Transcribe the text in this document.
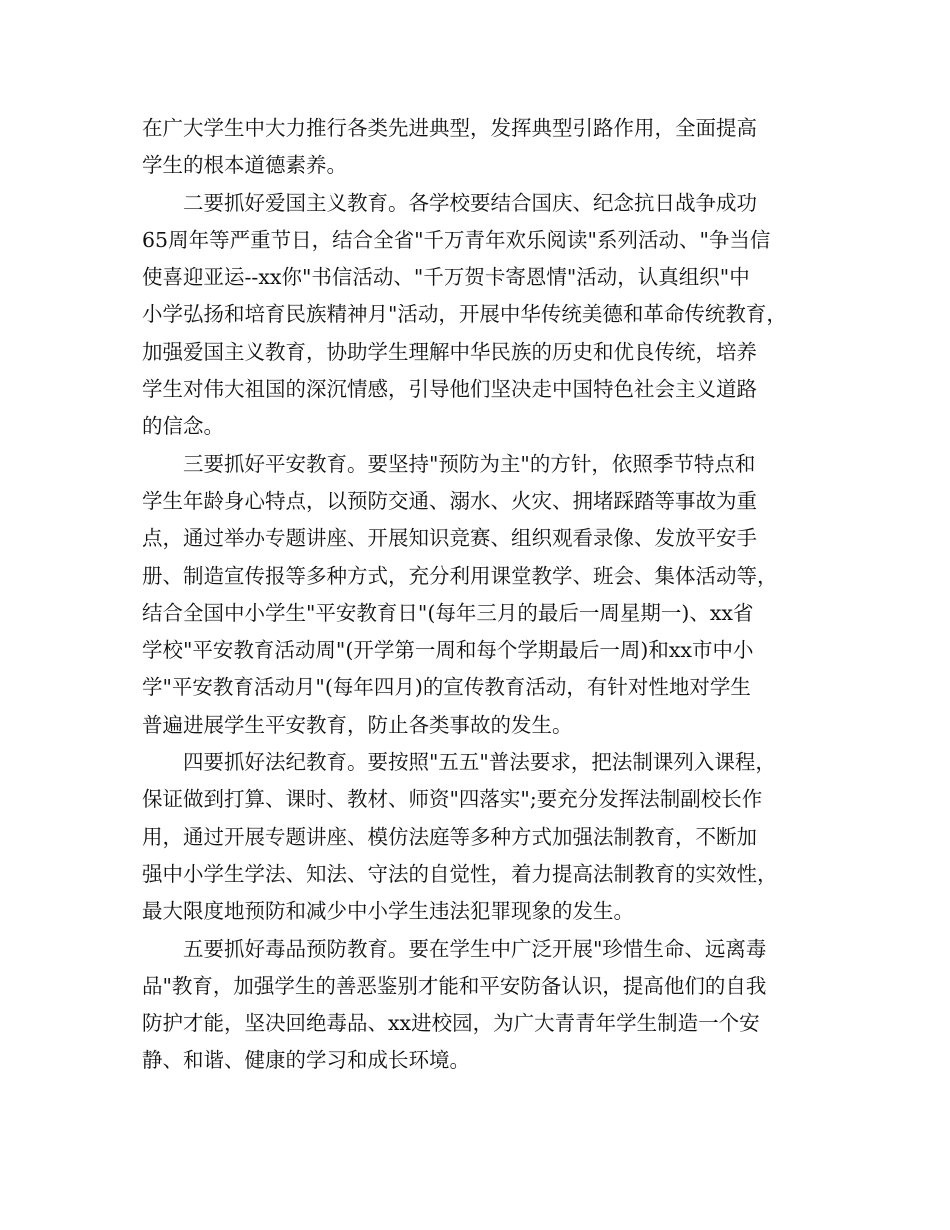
在广大学生中大力推行各类先进典型，发挥典型引路作用，全面提高
学生的根本道德素养。

二要抓好爱国主义教育。各学校要结合国庆、纪念抗日战争成功
65周年等严重节日，结合全省"千万青年欢乐阅读"系列活动、"争当信
使喜迎亚运--xx你"书信活动、"千万贺卡寄恩情"活动，认真组织"中
小学弘扬和培育民族精神月"活动，开展中华传统美德和革命传统教育，
加强爱国主义教育，协助学生理解中华民族的历史和优良传统，培养
学生对伟大祖国的深沉情感，引导他们坚决走中国特色社会主义道路
的信念。

三要抓好平安教育。要坚持"预防为主"的方针，依照季节特点和
学生年龄身心特点，以预防交通、溺水、火灾、拥堵踩踏等事故为重
点，通过举办专题讲座、开展知识竞赛、组织观看录像、发放平安手
册、制造宣传报等多种方式，充分利用课堂教学、班会、集体活动等，
结合全国中小学生"平安教育日"(每年三月的最后一周星期一)、xx省
学校"平安教育活动周"(开学第一周和每个学期最后一周)和xx市中小
学"平安教育活动月"(每年四月)的宣传教育活动，有针对性地对学生
普遍进展学生平安教育，防止各类事故的发生。

四要抓好法纪教育。要按照"五五"普法要求，把法制课列入课程，
保证做到打算、课时、教材、师资"四落实";要充分发挥法制副校长作
用，通过开展专题讲座、模仿法庭等多种方式加强法制教育，不断加
强中小学生学法、知法、守法的自觉性，着力提高法制教育的实效性，
最大限度地预防和减少中小学生违法犯罪现象的发生。

五要抓好毒品预防教育。要在学生中广泛开展"珍惜生命、远离毒
品"教育，加强学生的善恶鉴别才能和平安防备认识，提高他们的自我
防护才能，坚决回绝毒品、xx进校园，为广大青青年学生制造一个安
静、和谐、健康的学习和成长环境。
